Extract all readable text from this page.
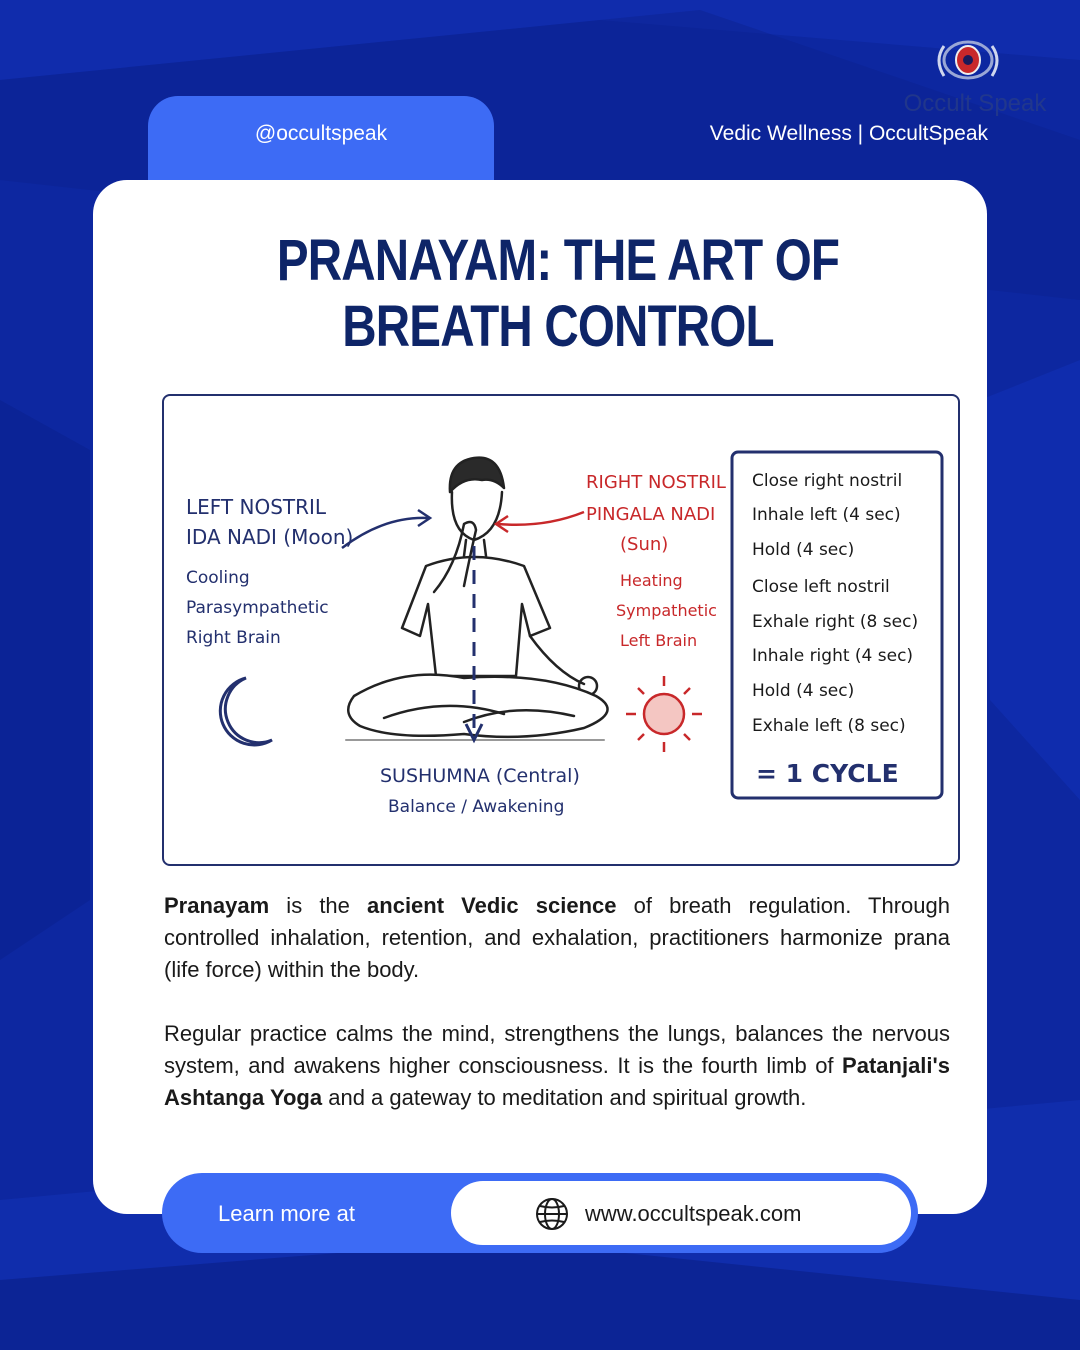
Occult Speak
@occultspeak	Vedic Wellness | OccultSpeak
PRANAYAM: THE ART OF BREATH CONTROL
LEFT NOSTRIL
IDA NADI (Moon)
Cooling
Parasympathetic
Right Brain
RIGHT NOSTRIL
PINGALA NADI
(Sun)
Heating
Sympathetic
Left Brain
SUSHUMNA (Central)
Balance / Awakening
Close right nostril
Inhale left (4 sec)
Hold (4 sec)
Close left nostril
Exhale right (8 sec)
Inhale right (4 sec)
Hold (4 sec)
Exhale left (8 sec)
= 1 CYCLE

Pranayam is the ancient Vedic science of breath regulation. Through controlled inhalation, retention, and exhalation, practitioners harmonize prana (life force) within the body.

Regular practice calms the mind, strengthens the lungs, balances the nervous system, and awakens higher consciousness. It is the fourth limb of Patanjali's Ashtanga Yoga and a gateway to meditation and spiritual growth.

Learn more at	www.occultspeak.com
